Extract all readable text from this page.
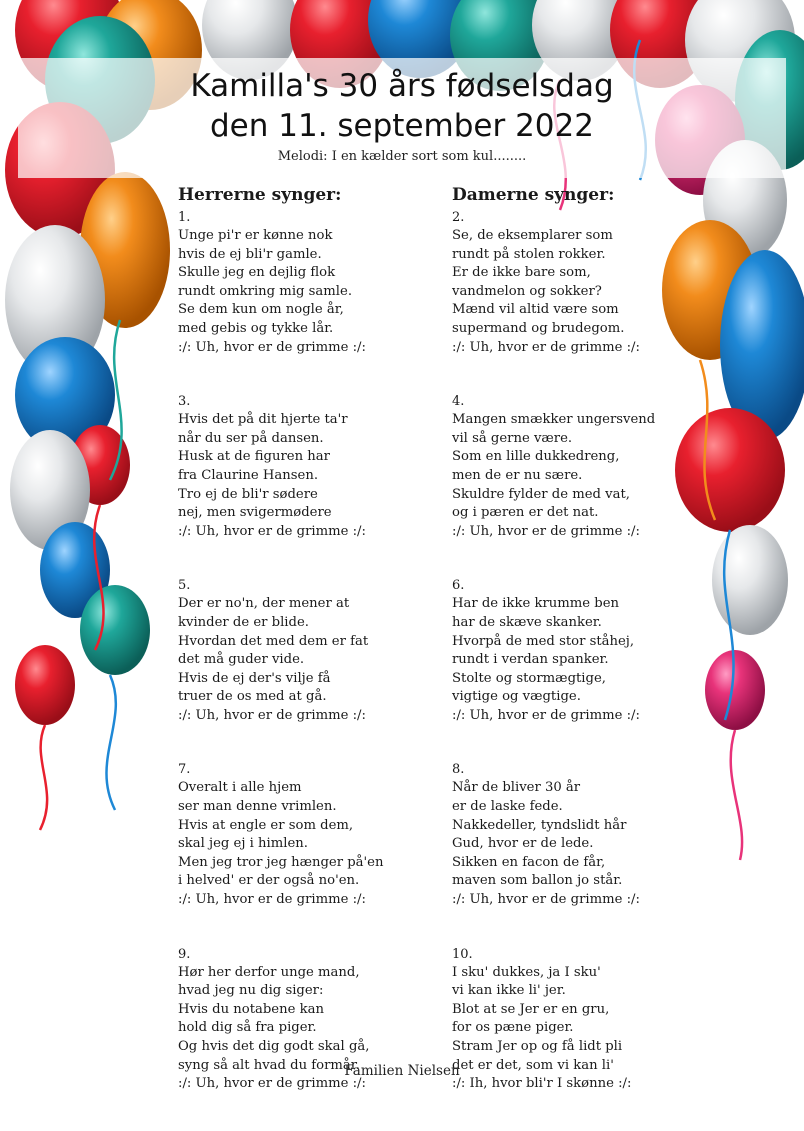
Kamilla's 30 års fødselsdag
den 11. september 2022
Melodi: I en kælder sort som kul........
Herrerne synger:
1.
Unge pi'r er kønne nok
hvis de ej bli'r gamle.
Skulle jeg en dejlig flok
rundt omkring mig samle.
Se dem kun om nogle år,
med gebis og tykke lår.
:/: Uh, hvor er de grimme :/:
3.
Hvis det på dit hjerte ta'r
når du ser på dansen.
Husk at de figuren har
fra Claurine Hansen.
Tro ej de bli'r sødere
nej, men svigermødere
:/: Uh, hvor er de grimme :/:
5.
Der er no'n, der mener at
kvinder de er blide.
Hvordan det med dem er fat
det må guder vide.
Hvis de ej der's vilje få
truer de os med at gå.
:/: Uh, hvor er de grimme :/:
7.
Overalt i alle hjem
ser man denne vrimlen.
Hvis at engle er som dem,
skal jeg ej i himlen.
Men jeg tror jeg hænger på'en
i helved' er der også no'en.
:/: Uh, hvor er de grimme :/:
9.
Hør her derfor unge mand,
hvad jeg nu dig siger:
Hvis du notabene kan
hold dig så fra piger.
Og hvis det dig godt skal gå,
syng så alt hvad du formår.
:/: Uh, hvor er de grimme :/:
Damerne synger:
2.
Se, de eksemplarer som
rundt på stolen rokker.
Er de ikke bare som,
vandmelon og sokker?
Mænd vil altid være som
supermand og brudegom.
:/: Uh, hvor er de grimme :/:
4.
Mangen smækker ungersvend
vil så gerne være.
Som en lille dukkedreng,
men de er nu sære.
Skuldre fylder de med vat,
og i pæren er det nat.
:/: Uh, hvor er de grimme :/:
6.
Har de ikke krumme ben
har de skæve skanker.
Hvorpå de med stor ståhej,
rundt i verdan spanker.
Stolte og stormægtige,
vigtige og vægtige.
:/: Uh, hvor er de grimme :/:
8.
Når de bliver 30 år
er de laske fede.
Nakkedeller, tyndslidt hår
Gud, hvor er de lede.
Sikken en facon de får,
maven som ballon jo står.
:/: Uh, hvor er de grimme :/:
10.
I sku' dukkes, ja I sku'
vi kan ikke li' jer.
Blot at se Jer er en gru,
for os pæne piger.
Stram Jer op og få lidt pli
det er det, som vi kan li'
:/: Ih, hvor bli'r I skønne :/:
Familien Nielsen
